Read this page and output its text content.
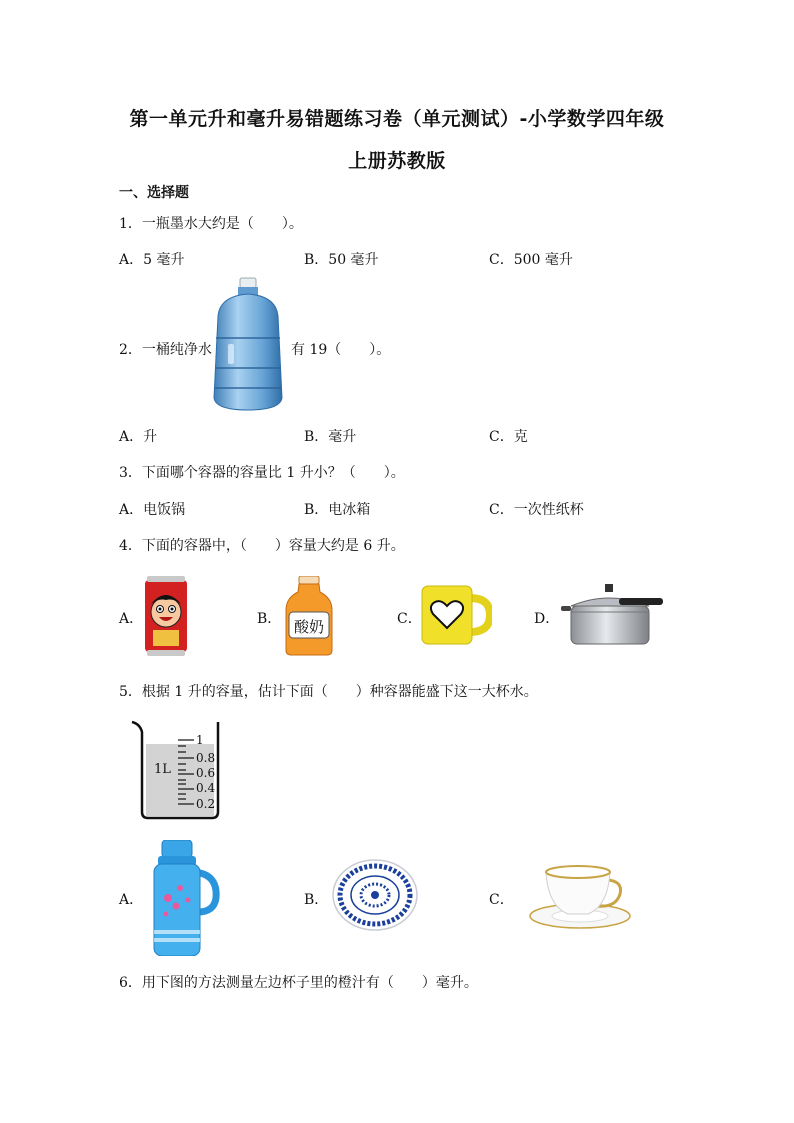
第一单元升和毫升易错题练习卷（单元测试）-小学数学四年级
上册苏教版
一、选择题
1．一瓶墨水大约是（　　）。
A．5 毫升	B．50 毫升	C．500 毫升
2．一桶纯净水	有 19（　　）。
A．升	B．毫升	C．克
3．下面哪个容器的容量比 1 升小？（　　）。
A．电饭锅	B．电冰箱	C．一次性纸杯
4．下面的容器中，（　　）容量大约是 6 升。
A．	B． 酸奶	C．	D．
5．根据 1 升的容量，估计下面（　　）种容器能盛下这一大杯水。
1L
1
0.8
0.6
0.4
0.2
A．	B．	C．
6．用下图的方法测量左边杯子里的橙汁有（　　）毫升。
